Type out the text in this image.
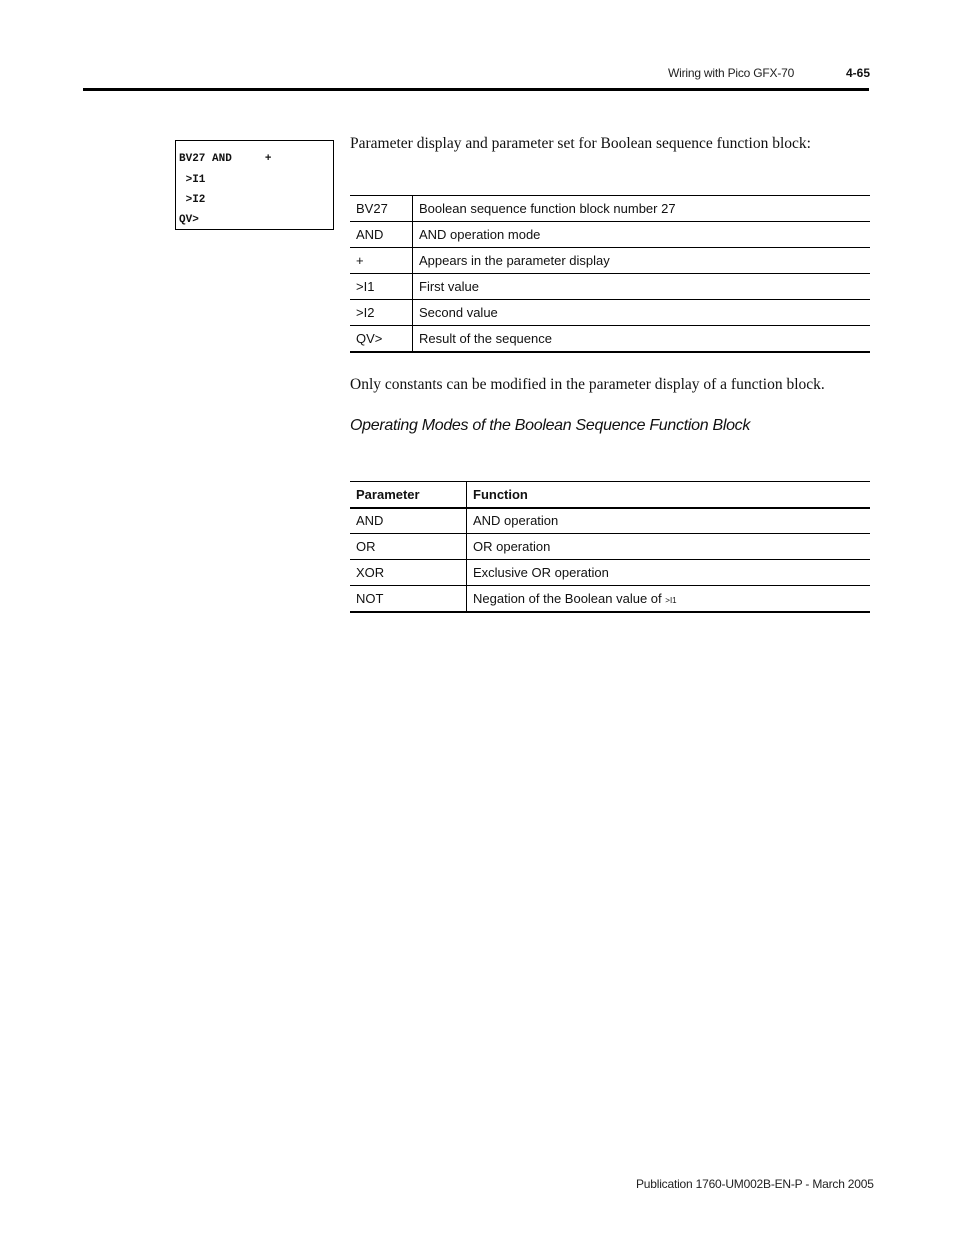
Wiring with Pico GFX-70	4-65
BV27 AND     +
>I1
>I2
QV>
Parameter display and parameter set for Boolean sequence function block:
BV27	Boolean sequence function block number 27
AND	AND operation mode
+	Appears in the parameter display
>I1	First value
>I2	Second value
QV>	Result of the sequence
Only constants can be modified in the parameter display of a function block.
Operating Modes of the Boolean Sequence Function Block
Parameter	Function
AND	AND operation
OR	OR operation
XOR	Exclusive OR operation
NOT	Negation of the Boolean value of >I1
Publication 1760-UM002B-EN-P - March 2005
